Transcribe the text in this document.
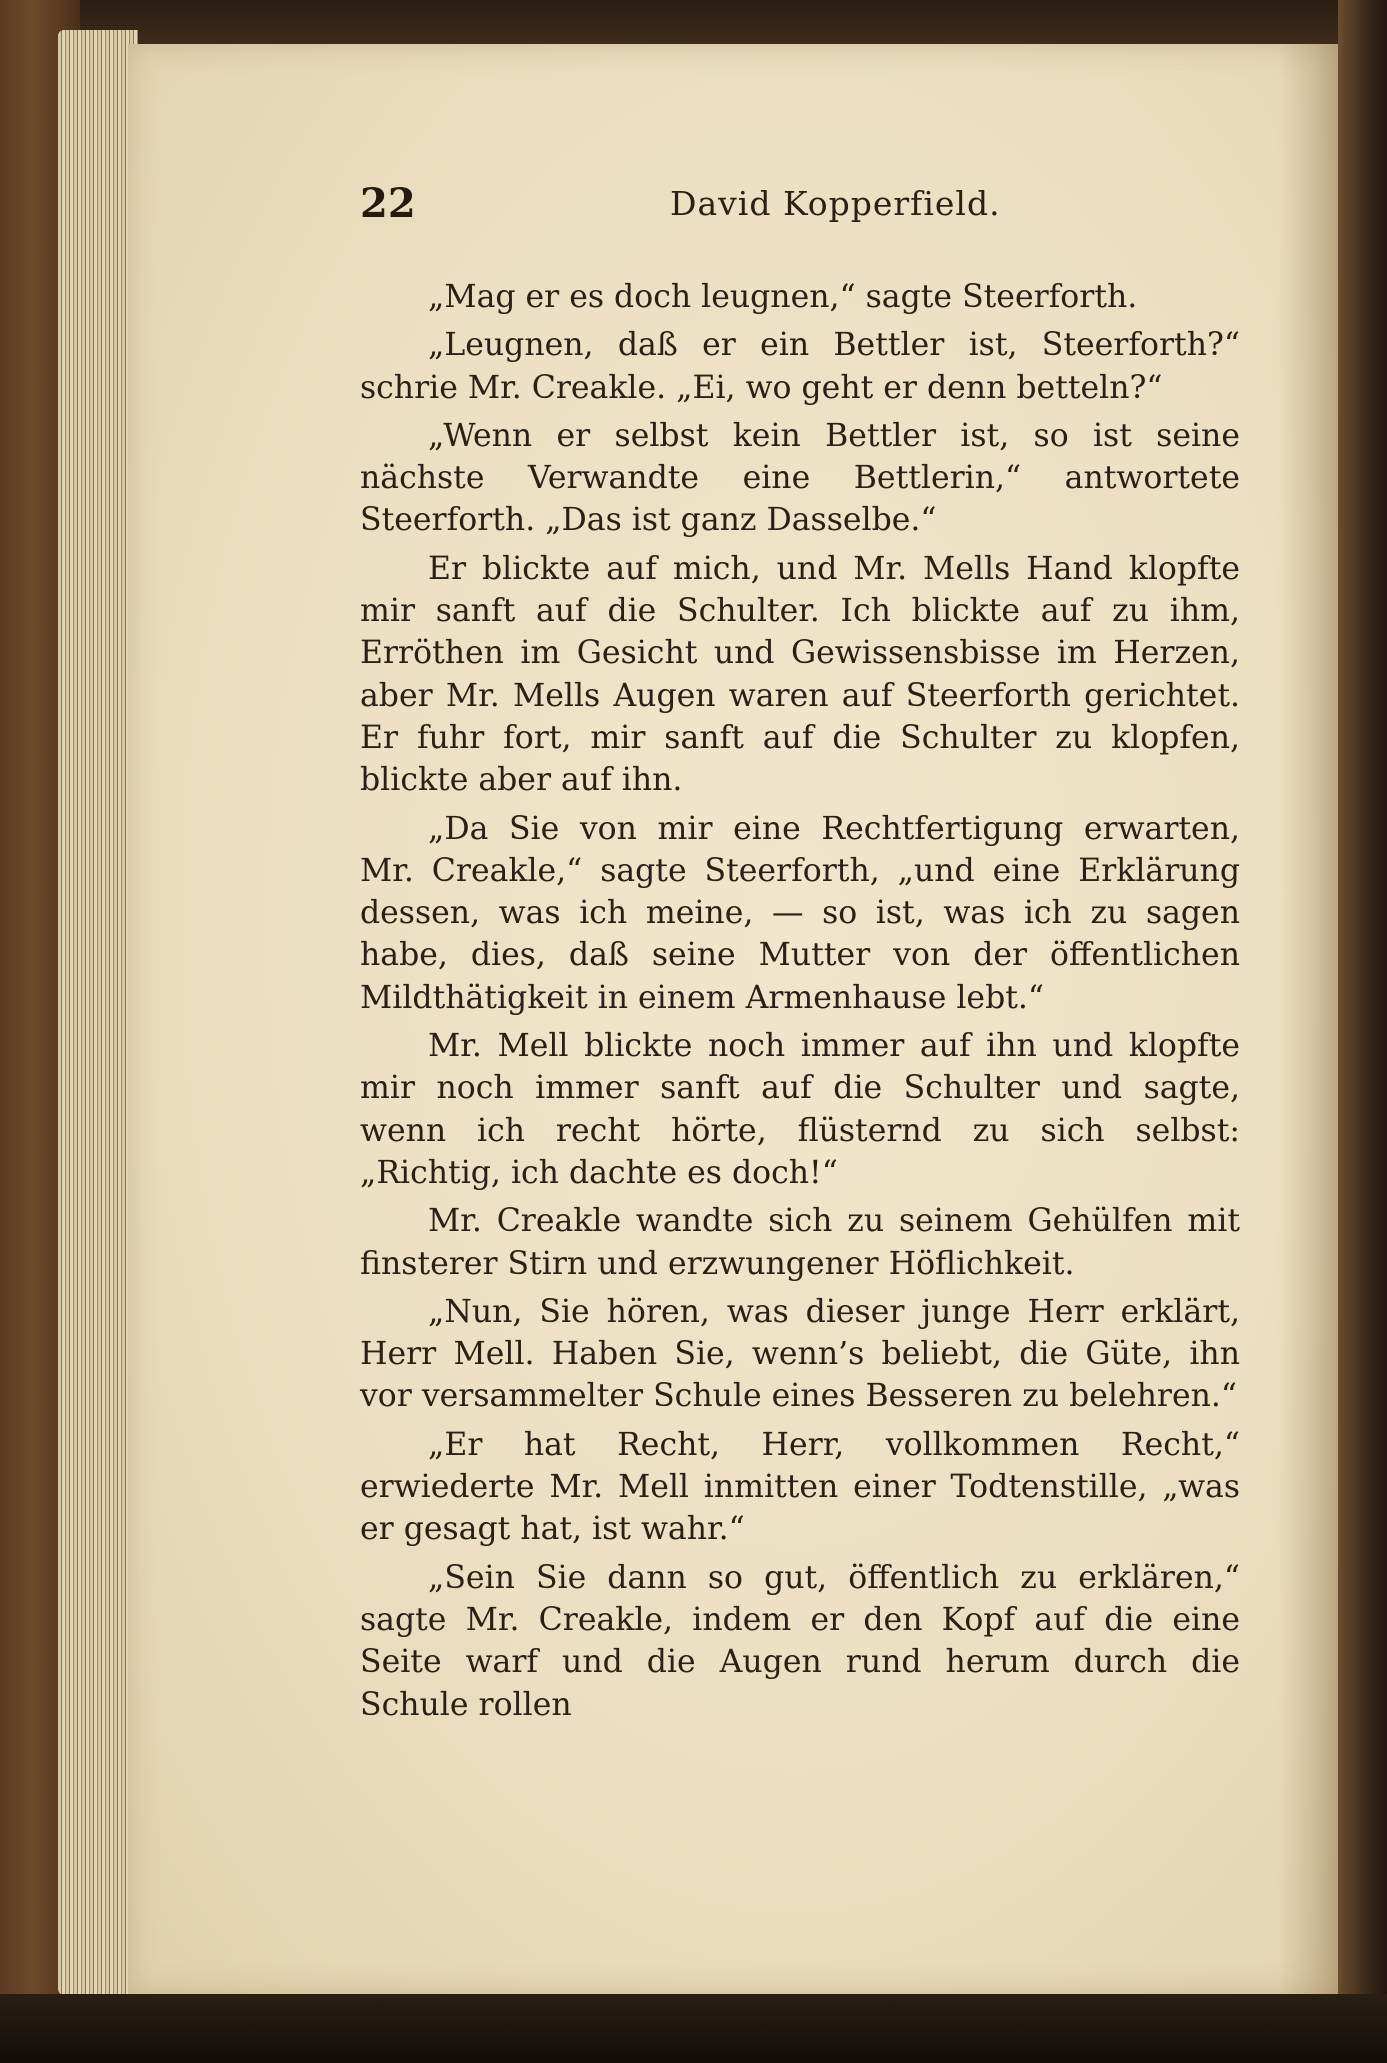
22	David Kopperfield.

„Mag er es doch leugnen,“ sagte Steerforth.

„Leugnen, daß er ein Bettler ist, Steerforth?“ schrie Mr. Creakle. „Ei, wo geht er denn betteln?“

„Wenn er selbst kein Bettler ist, so ist seine nächste Verwandte eine Bettlerin,“ antwortete Steerforth. „Das ist ganz Dasselbe.“

Er blickte auf mich, und Mr. Mells Hand klopfte mir sanft auf die Schulter. Ich blickte auf zu ihm, Erröthen im Gesicht und Gewissensbisse im Herzen, aber Mr. Mells Augen waren auf Steerforth gerichtet. Er fuhr fort, mir sanft auf die Schulter zu klopfen, blickte aber auf ihn.

„Da Sie von mir eine Rechtfertigung erwarten, Mr. Creakle,“ sagte Steerforth, „und eine Erklärung dessen, was ich meine, — so ist, was ich zu sagen habe, dies, daß seine Mutter von der öffentlichen Mildthätigkeit in einem Armenhause lebt.“

Mr. Mell blickte noch immer auf ihn und klopfte mir noch immer sanft auf die Schulter und sagte, wenn ich recht hörte, flüsternd zu sich selbst: „Richtig, ich dachte es doch!“

Mr. Creakle wandte sich zu seinem Gehülfen mit finsterer Stirn und erzwungener Höflichkeit.

„Nun, Sie hören, was dieser junge Herr erklärt, Herr Mell. Haben Sie, wenn’s beliebt, die Güte, ihn vor versammelter Schule eines Besseren zu belehren.“

„Er hat Recht, Herr, vollkommen Recht,“ erwiederte Mr. Mell inmitten einer Todtenstille, „was er gesagt hat, ist wahr.“

„Sein Sie dann so gut, öffentlich zu erklären,“ sagte Mr. Creakle, indem er den Kopf auf die eine Seite warf und die Augen rund herum durch die Schule rollen
